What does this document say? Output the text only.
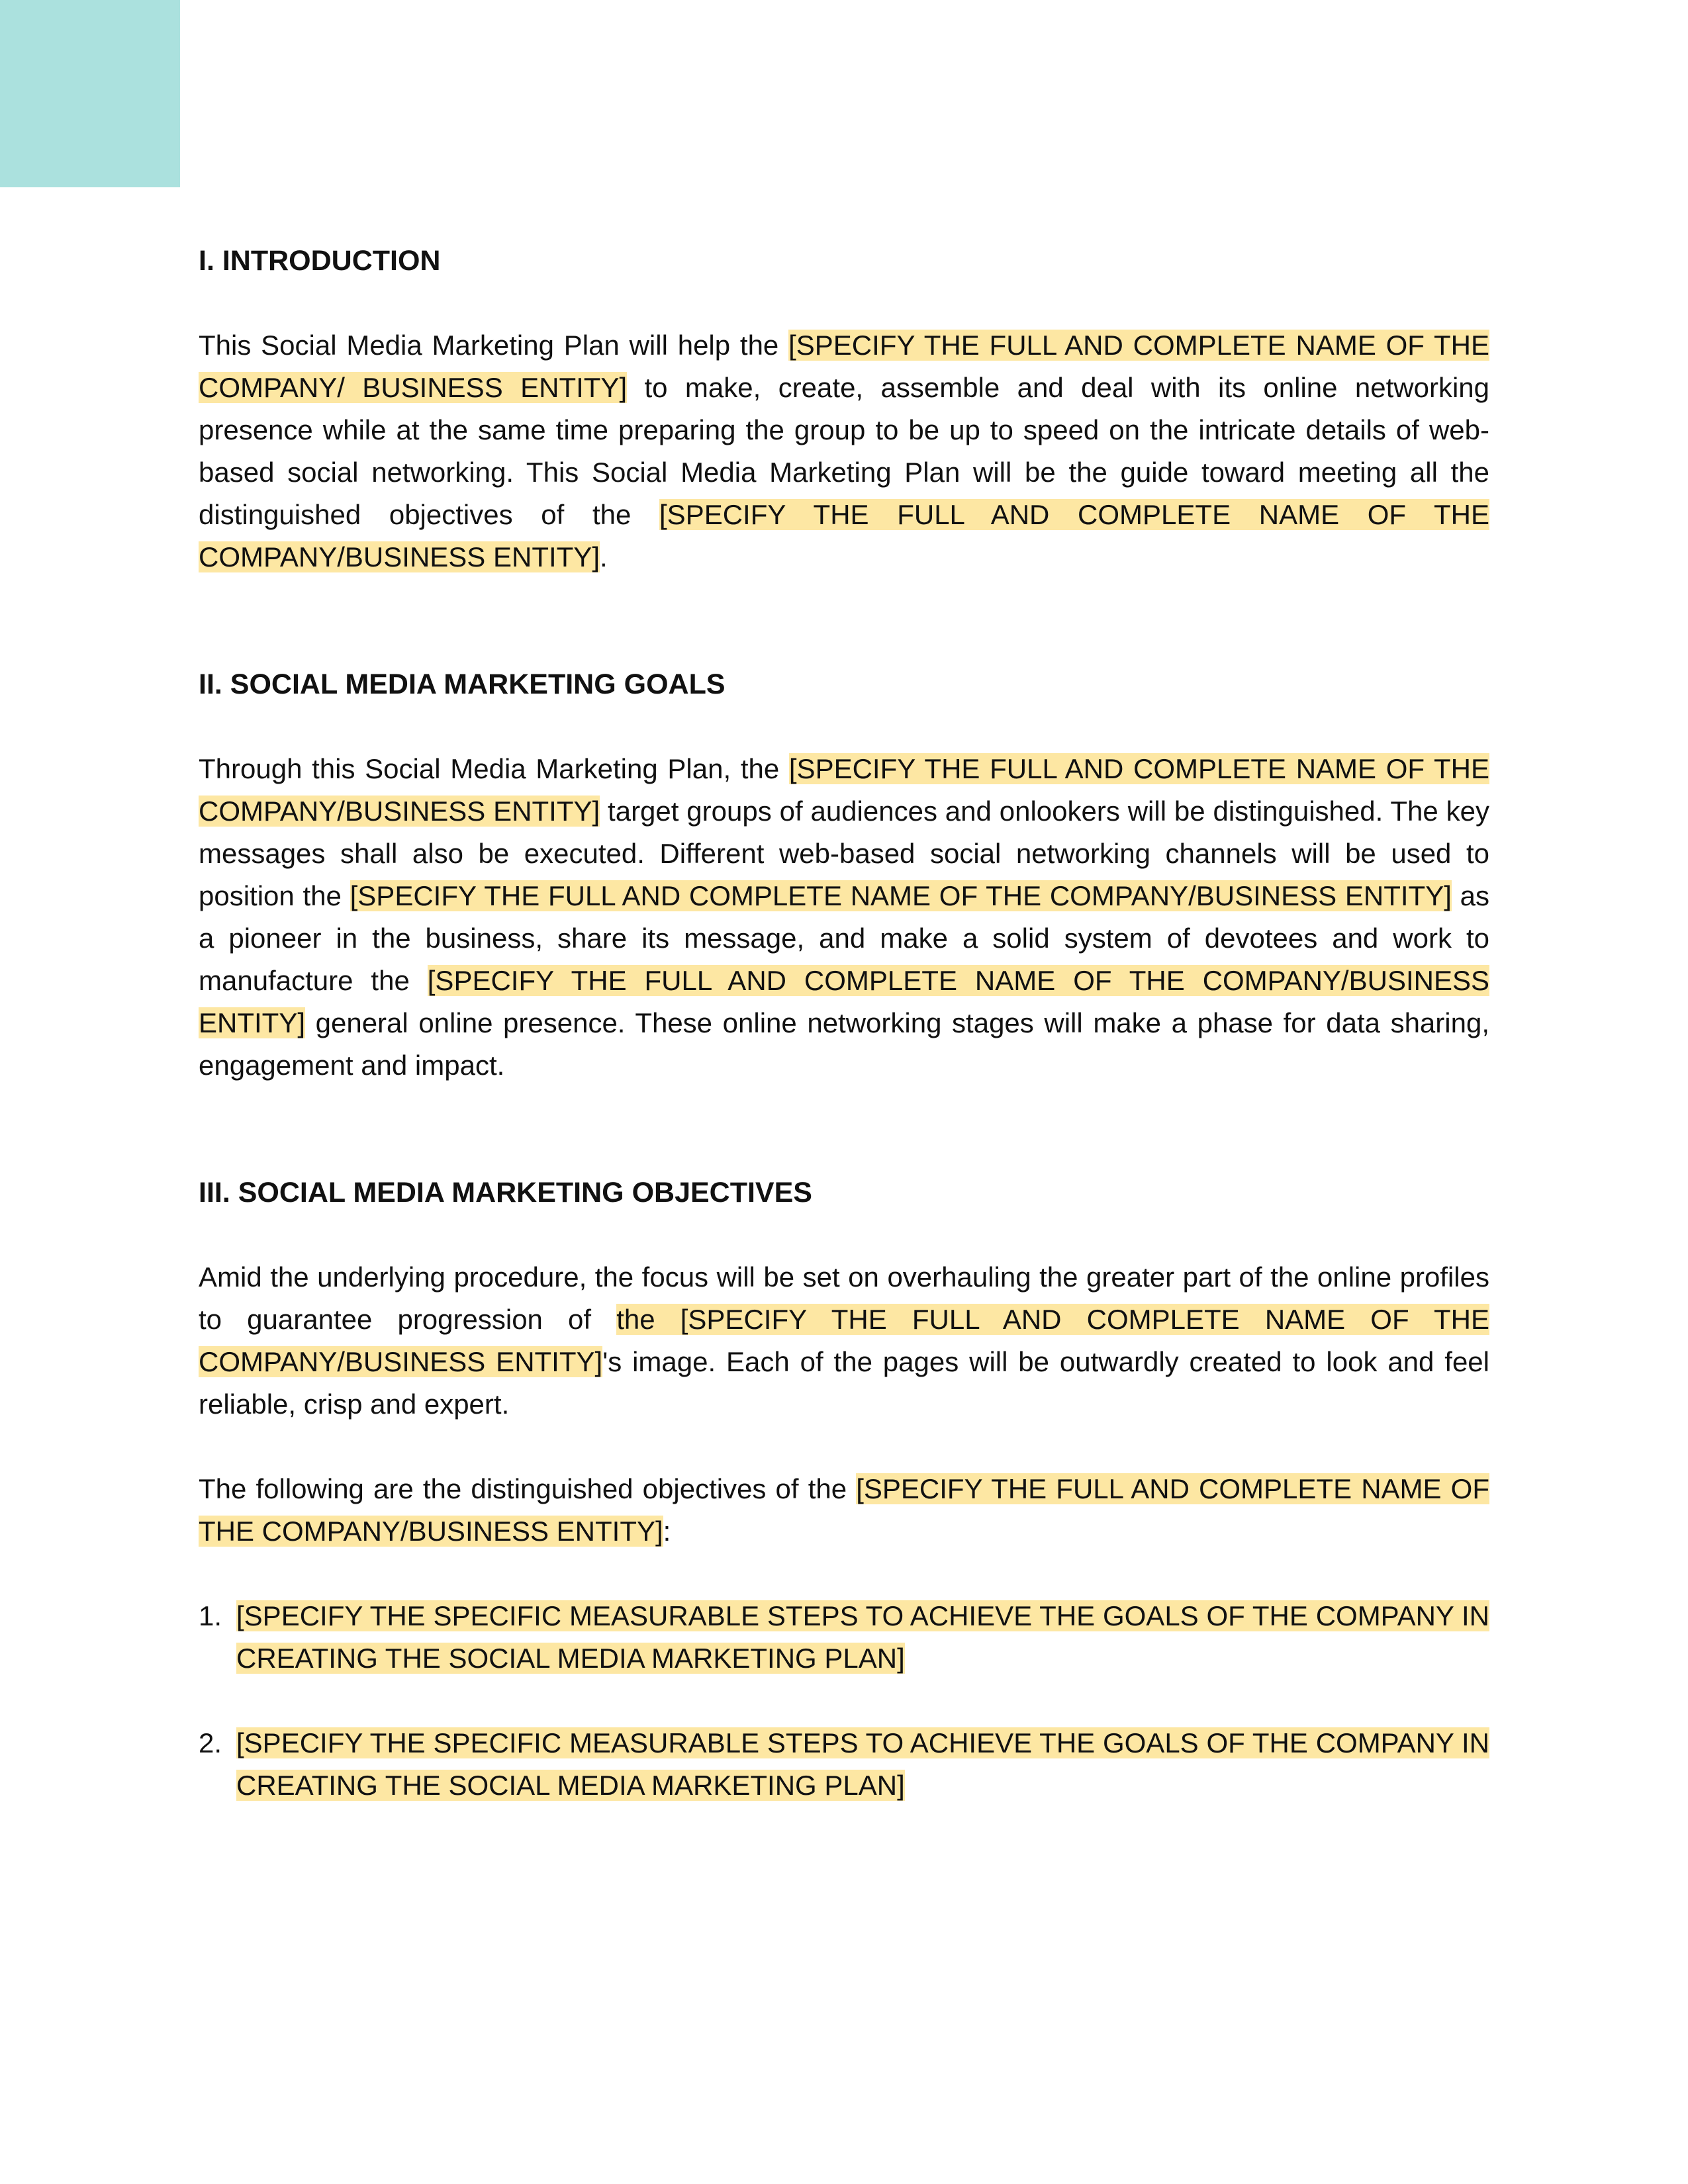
I. INTRODUCTION

This Social Media Marketing Plan will help the [SPECIFY THE FULL AND COMPLETE NAME OF THE COMPANY/ BUSINESS ENTITY] to make, create, assemble and deal with its online networking presence while at the same time preparing the group to be up to speed on the intricate details of web-based social networking. This Social Media Marketing Plan will be the guide toward meeting all the distinguished objectives of the [SPECIFY THE FULL AND COMPLETE NAME OF THE COMPANY/BUSINESS ENTITY].

II. SOCIAL MEDIA MARKETING GOALS

Through this Social Media Marketing Plan, the [SPECIFY THE FULL AND COMPLETE NAME OF THE COMPANY/BUSINESS ENTITY] target groups of audiences and onlookers will be distinguished. The key messages shall also be executed. Different web-based social networking channels will be used to position the [SPECIFY THE FULL AND COMPLETE NAME OF THE COMPANY/BUSINESS ENTITY] as a pioneer in the business, share its message, and make a solid system of devotees and work to manufacture the [SPECIFY THE FULL AND COMPLETE NAME OF THE COMPANY/BUSINESS ENTITY] general online presence. These online networking stages will make a phase for data sharing, engagement and impact.

III. SOCIAL MEDIA MARKETING OBJECTIVES

Amid the underlying procedure, the focus will be set on overhauling the greater part of the online profiles to guarantee progression of the [SPECIFY THE FULL AND COMPLETE NAME OF THE COMPANY/BUSINESS ENTITY]'s image. Each of the pages will be outwardly created to look and feel reliable, crisp and expert.

The following are the distinguished objectives of the [SPECIFY THE FULL AND COMPLETE NAME OF THE COMPANY/BUSINESS ENTITY]:

1. [SPECIFY THE SPECIFIC MEASURABLE STEPS TO ACHIEVE THE GOALS OF THE COMPANY IN CREATING THE SOCIAL MEDIA MARKETING PLAN]
2. [SPECIFY THE SPECIFIC MEASURABLE STEPS TO ACHIEVE THE GOALS OF THE COMPANY IN CREATING THE SOCIAL MEDIA MARKETING PLAN]
